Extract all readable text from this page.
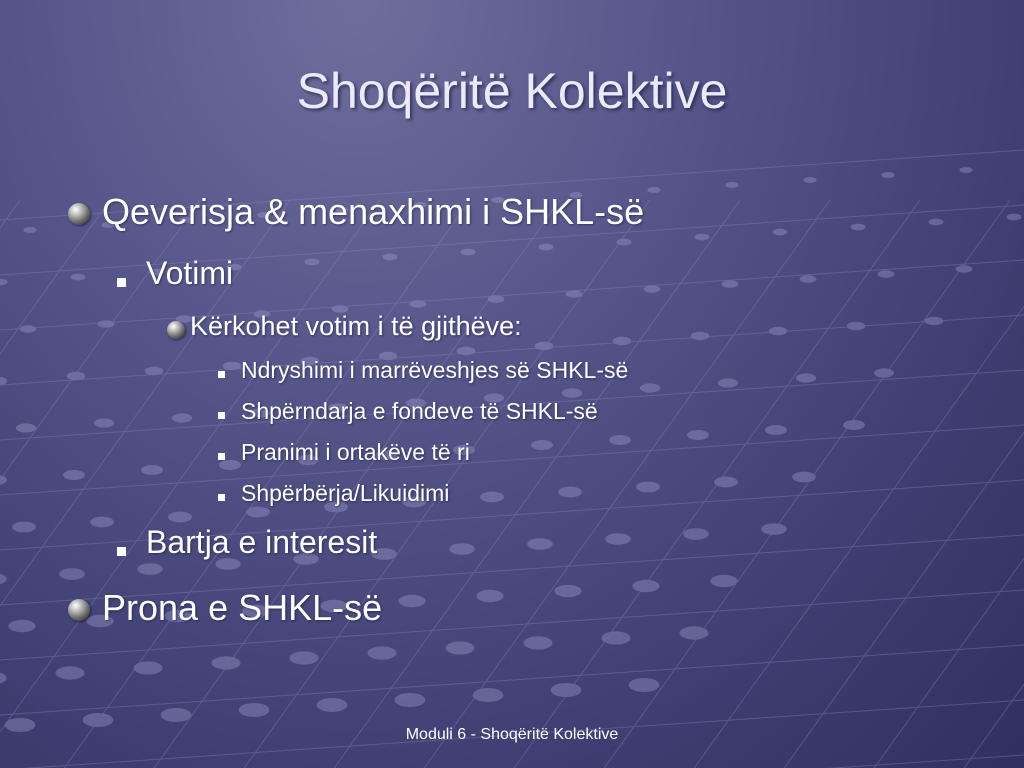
Shoqëritë Kolektive
Qeverisja & menaxhimi i SHKL-së
Votimi
Kërkohet votim i të gjithëve:
Ndryshimi i marrëveshjes së SHKL-së
Shpërndarja e fondeve të SHKL-së
Pranimi i ortakëve të ri
Shpërbërja/Likuidimi
Bartja e interesit
Prona e SHKL-së
Moduli 6 - Shoqëritë Kolektive
